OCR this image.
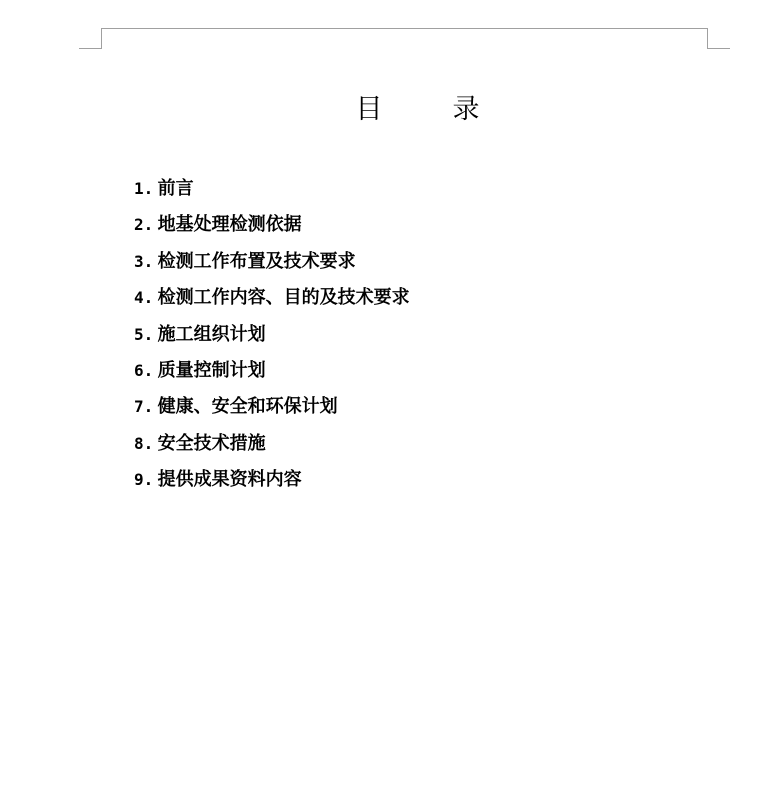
目	录
1. 前言
2. 地基处理检测依据
3. 检测工作布置及技术要求
4. 检测工作内容、目的及技术要求
5. 施工组织计划
6. 质量控制计划
7. 健康、安全和环保计划
8. 安全技术措施
9. 提供成果资料内容
